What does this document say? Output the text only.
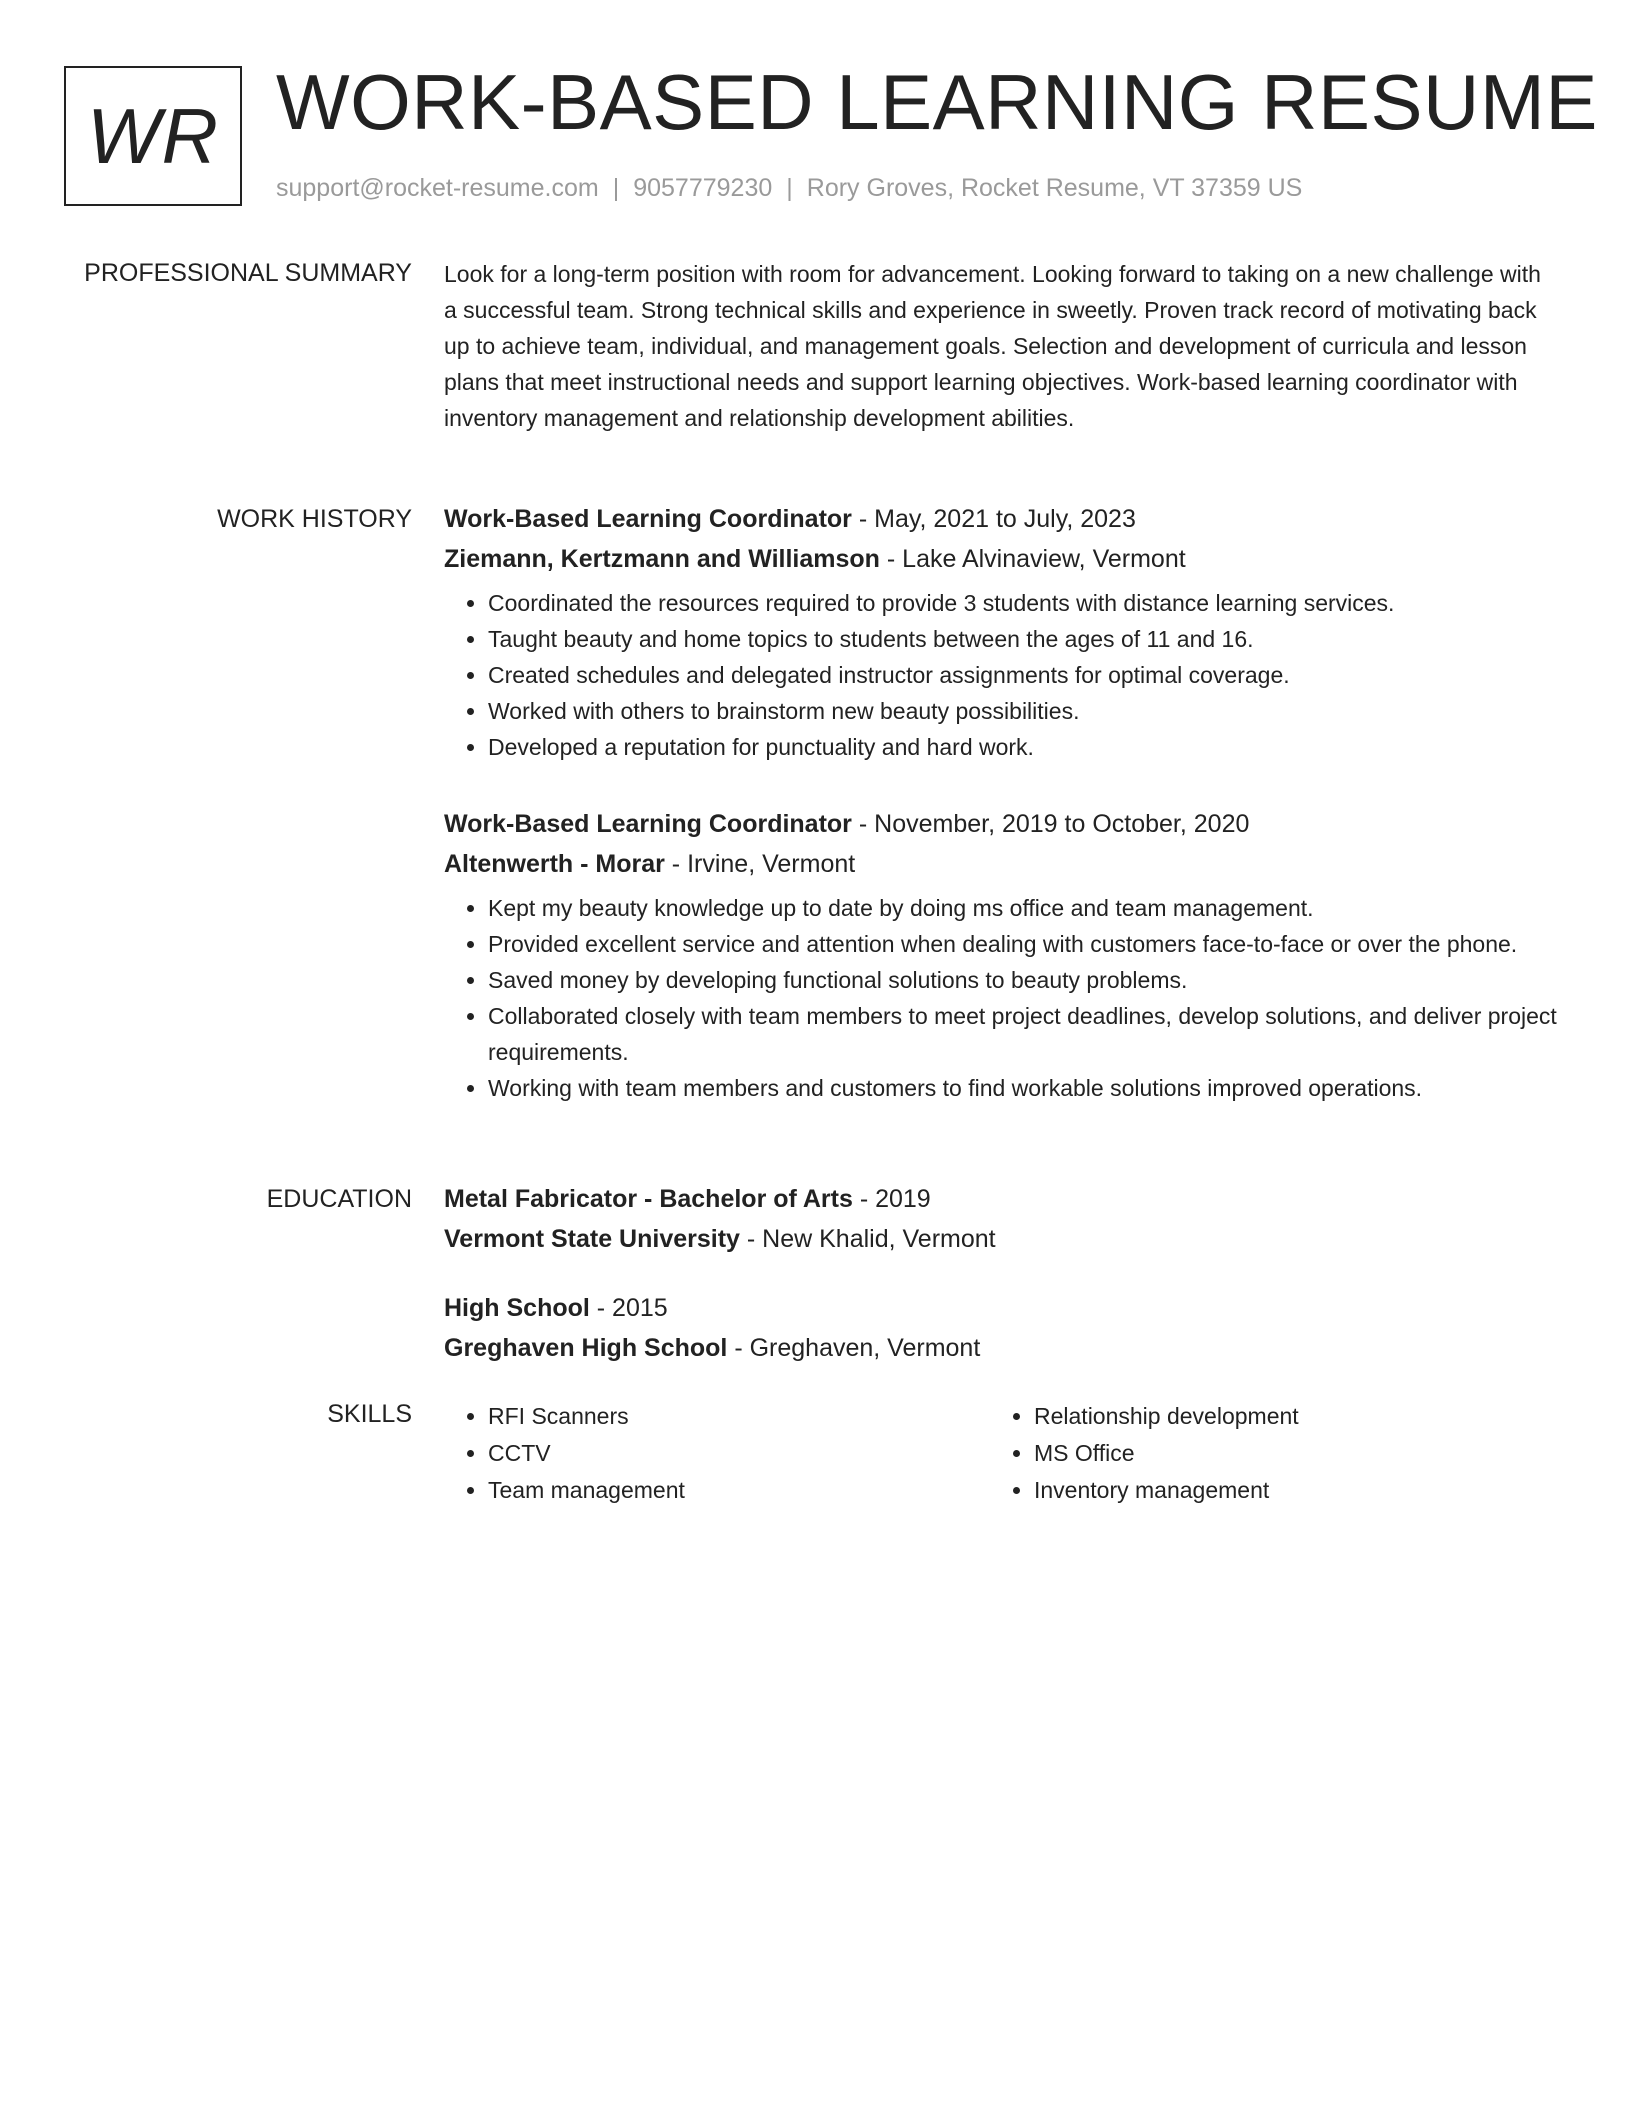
WR WORK-BASED LEARNING RESUME
support@rocket-resume.com | 9057779230 | Rory Groves, Rocket Resume, VT 37359 US
PROFESSIONAL SUMMARY Look for a long-term position with room for advancement. Looking forward to taking on a new challenge with a successful team. Strong technical skills and experience in sweetly. Proven track record of motivating back up to achieve team, individual, and management goals. Selection and development of curricula and lesson plans that meet instructional needs and support learning objectives. Work-based learning coordinator with inventory management and relationship development abilities.

WORK HISTORY Work-Based Learning Coordinator - May, 2021 to July, 2023
Ziemann, Kertzmann and Williamson - Lake Alvinaview, Vermont
• Coordinated the resources required to provide 3 students with distance learning services.
• Taught beauty and home topics to students between the ages of 11 and 16.
• Created schedules and delegated instructor assignments for optimal coverage.
• Worked with others to brainstorm new beauty possibilities.
• Developed a reputation for punctuality and hard work.
Work-Based Learning Coordinator - November, 2019 to October, 2020
Altenwerth - Morar - Irvine, Vermont
• Kept my beauty knowledge up to date by doing ms office and team management.
• Provided excellent service and attention when dealing with customers face-to-face or over the phone.
• Saved money by developing functional solutions to beauty problems.
• Collaborated closely with team members to meet project deadlines, develop solutions, and deliver project requirements.
• Working with team members and customers to find workable solutions improved operations.
EDUCATION Metal Fabricator - Bachelor of Arts - 2019
Vermont State University - New Khalid, Vermont
High School - 2015
Greghaven High School - Greghaven, Vermont
SKILLS
•	RFI Scanners
• CCTV
• Team management
• Relationship development
• MS Office
• Inventory management
